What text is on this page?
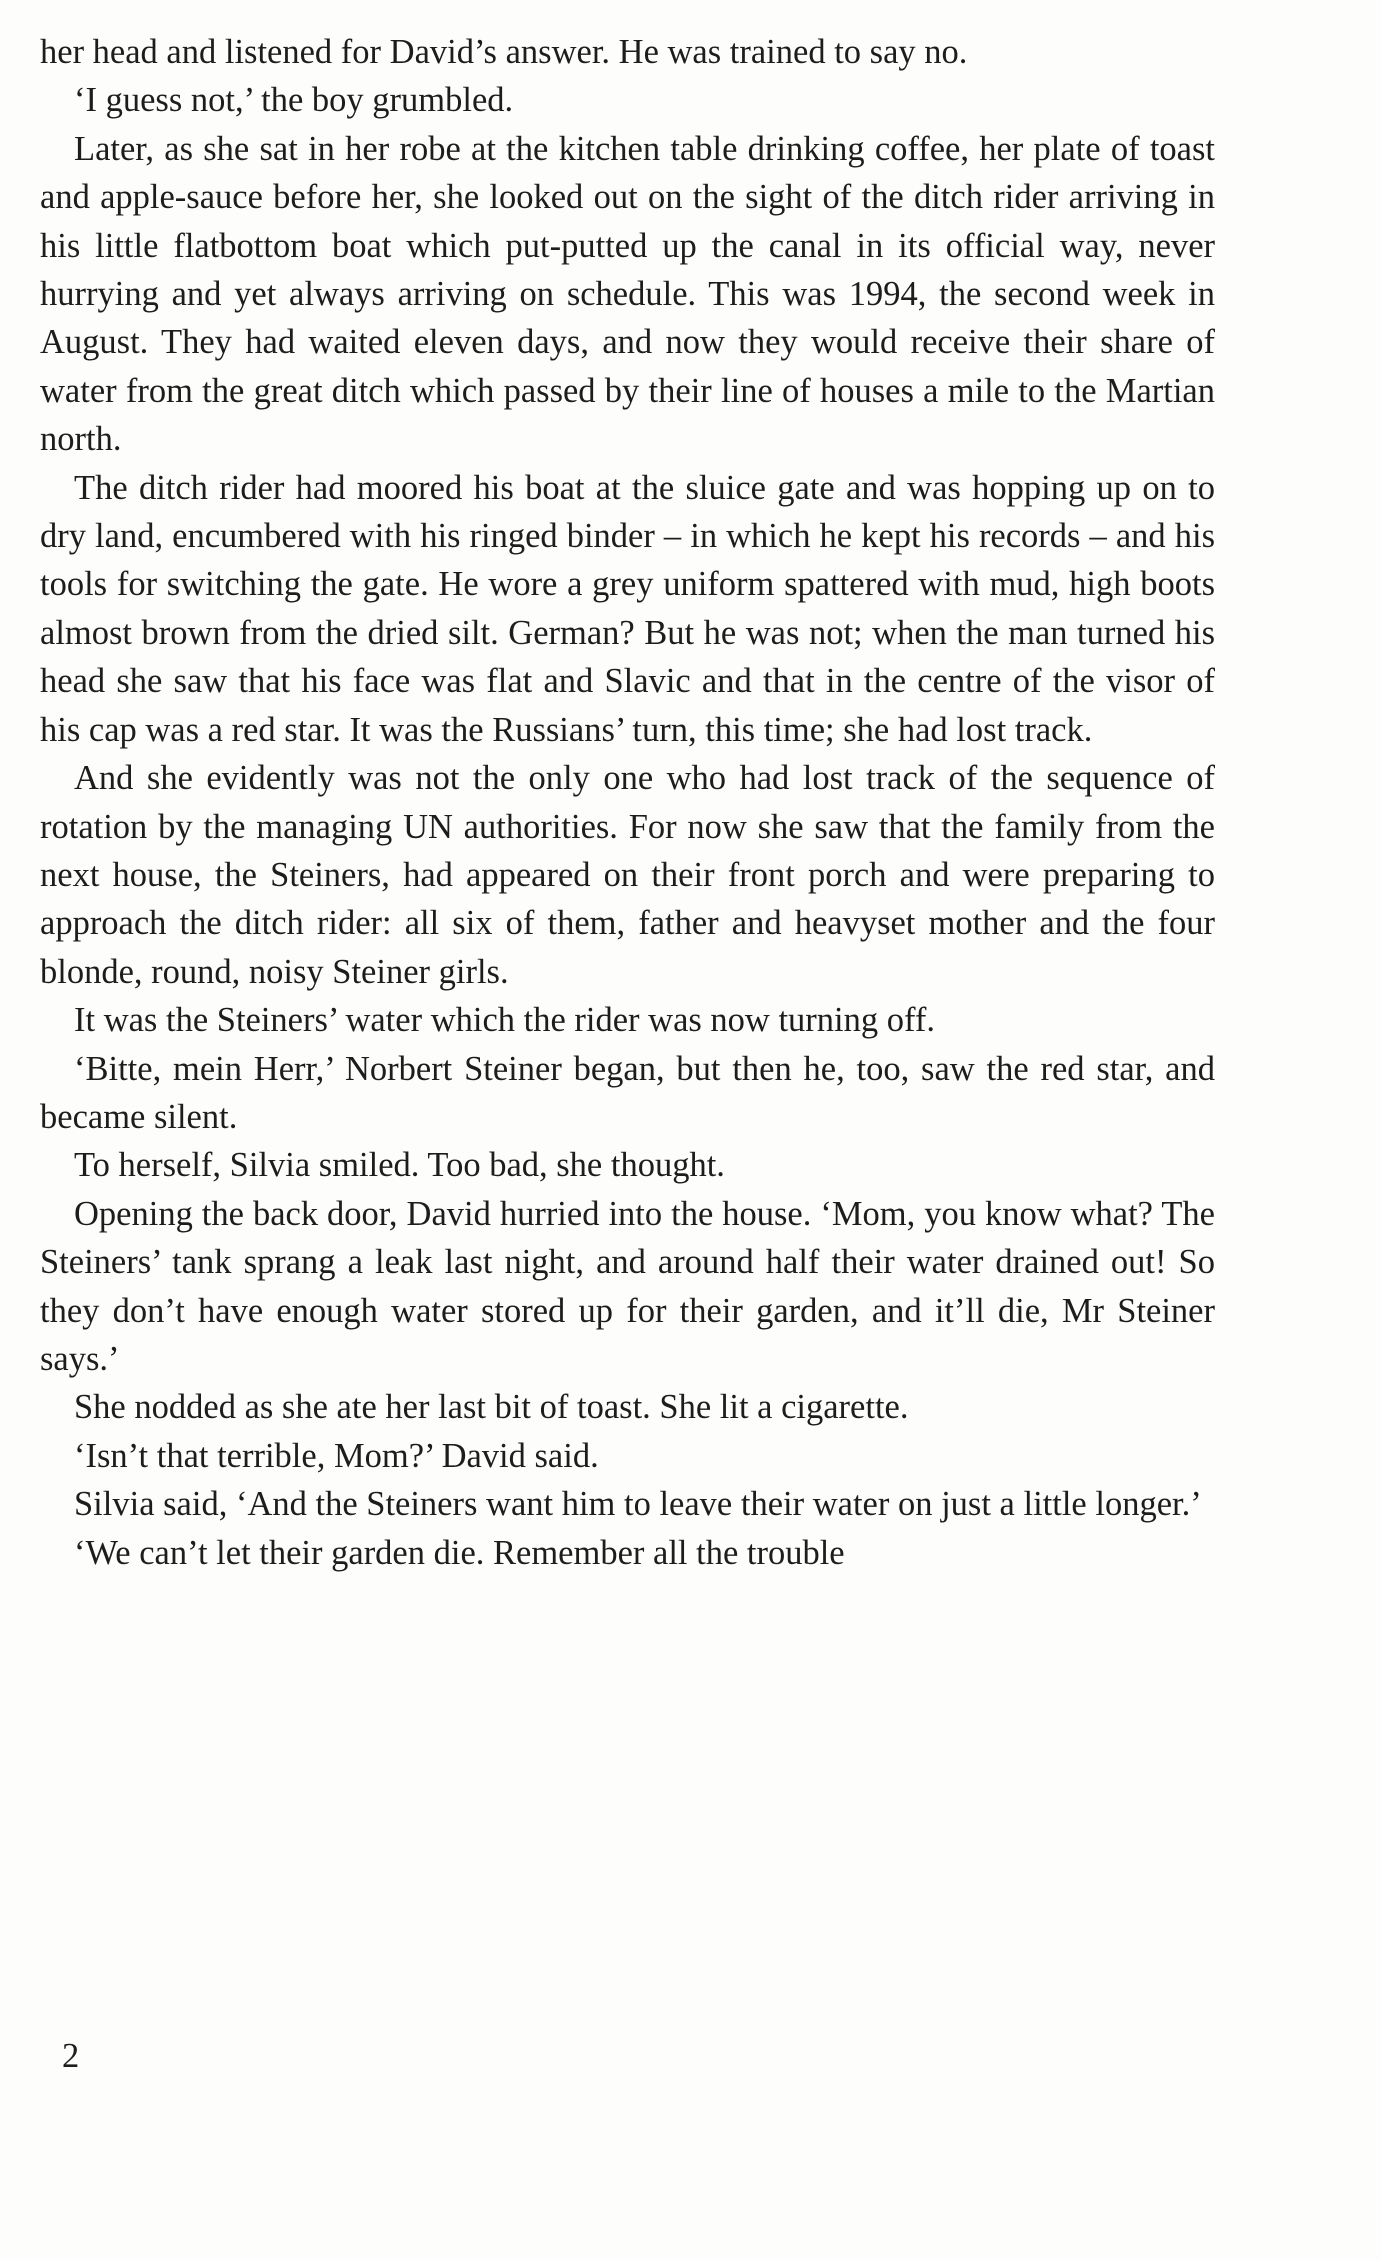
her head and listened for David’s answer. He was trained to say no.

‘I guess not,’ the boy grumbled.

Later, as she sat in her robe at the kitchen table drinking coffee, her plate of toast and apple-sauce before her, she looked out on the sight of the ditch rider arriving in his little flatbottom boat which put-putted up the canal in its official way, never hurrying and yet always arriving on schedule. This was 1994, the second week in August. They had waited eleven days, and now they would receive their share of water from the great ditch which passed by their line of houses a mile to the Martian north.

The ditch rider had moored his boat at the sluice gate and was hopping up on to dry land, encumbered with his ringed binder – in which he kept his records – and his tools for switching the gate. He wore a grey uniform spattered with mud, high boots almost brown from the dried silt. German? But he was not; when the man turned his head she saw that his face was flat and Slavic and that in the centre of the visor of his cap was a red star. It was the Russians’ turn, this time; she had lost track.

And she evidently was not the only one who had lost track of the sequence of rotation by the managing UN authorities. For now she saw that the family from the next house, the Steiners, had appeared on their front porch and were preparing to approach the ditch rider: all six of them, father and heavyset mother and the four blonde, round, noisy Steiner girls.

It was the Steiners’ water which the rider was now turning off.

‘Bitte, mein Herr,’ Norbert Steiner began, but then he, too, saw the red star, and became silent.

To herself, Silvia smiled. Too bad, she thought.

Opening the back door, David hurried into the house. ‘Mom, you know what? The Steiners’ tank sprang a leak last night, and around half their water drained out! So they don’t have enough water stored up for their garden, and it’ll die, Mr Steiner says.’

She nodded as she ate her last bit of toast. She lit a cigarette.

‘Isn’t that terrible, Mom?’ David said.

Silvia said, ‘And the Steiners want him to leave their water on just a little longer.’

‘We can’t let their garden die. Remember all the trouble

2
